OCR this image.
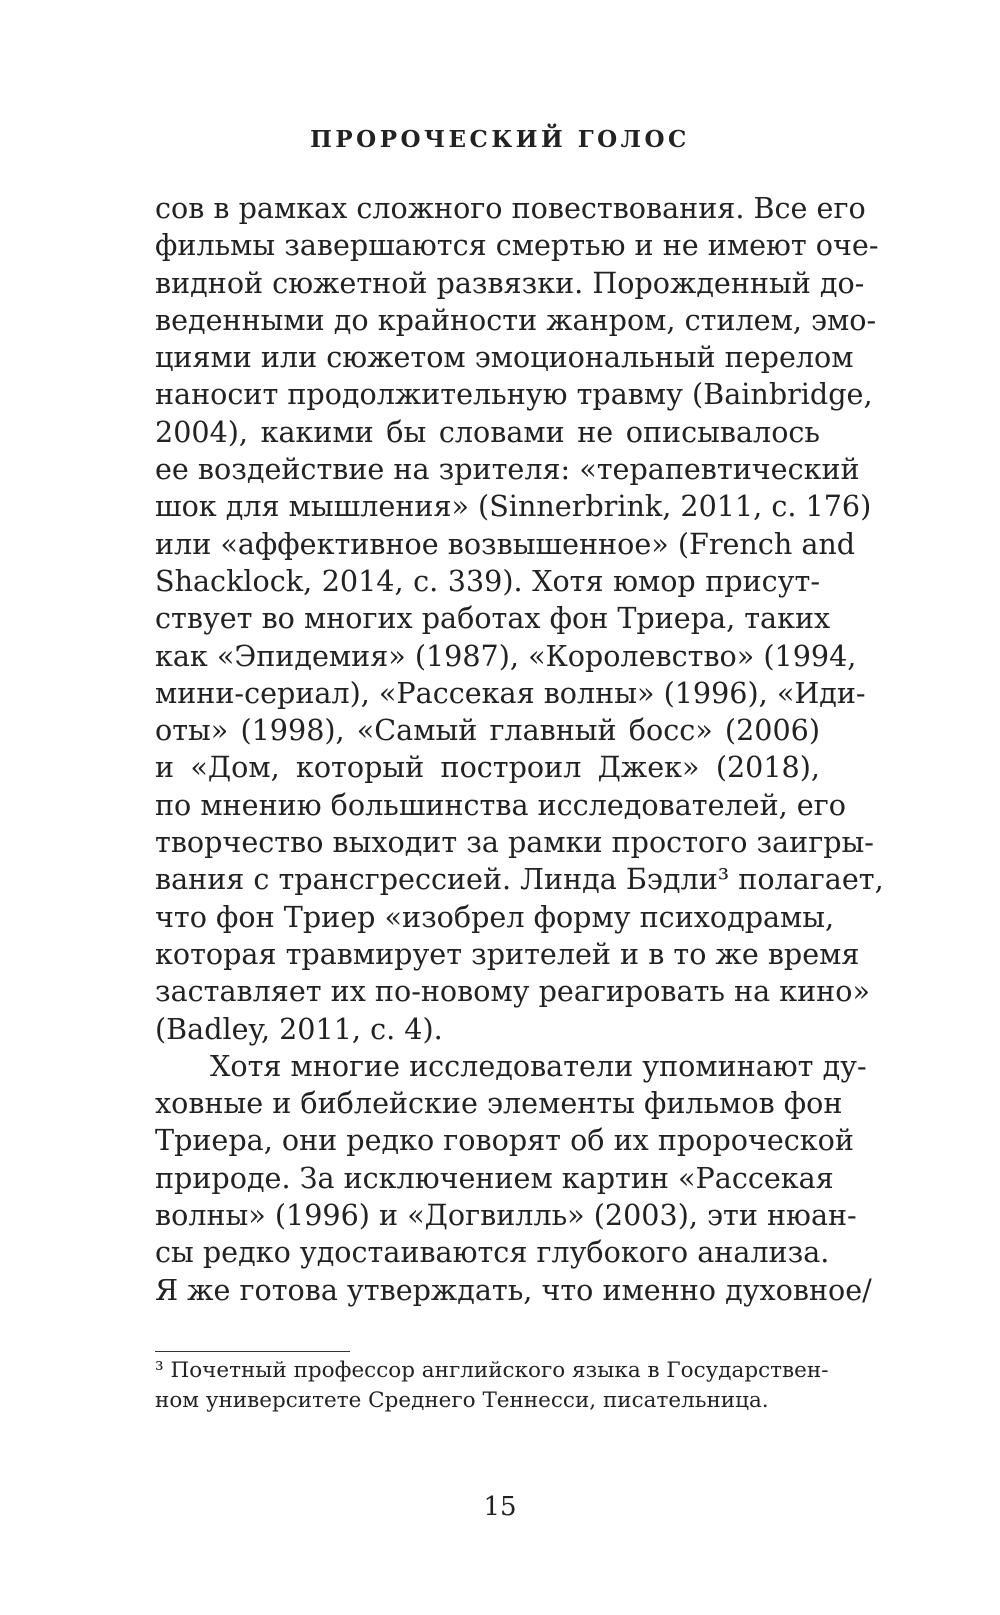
ПРОРОЧЕСКИЙ ГОЛОС
сов в рамках сложного повествования. Все его
фильмы завершаются смертью и не имеют оче-
видной сюжетной развязки. Порожденный до-
веденными до крайности жанром, стилем, эмо-
циями или сюжетом эмоциональный перелом
наносит продолжительную травму (Bainbridge,
2004), какими бы словами не описывалось
ее воздействие на зрителя: «терапевтический
шок для мышления» (Sinnerbrink, 2011, с. 176)
или «аффективное возвышенное» (French and
Shacklock, 2014, с. 339). Хотя юмор присут-
ствует во многих работах фон Триера, таких
как «Эпидемия» (1987), «Королевство» (1994,
мини-сериал), «Рассекая волны» (1996), «Иди-
оты» (1998), «Самый главный босс» (2006)
и «Дом, который построил Джек» (2018),
по мнению большинства исследователей, его
творчество выходит за рамки простого заигры-
вания с трансгрессией. Линда Бэдли³ полагает,
что фон Триер «изобрел форму психодрамы,
которая травмирует зрителей и в то же время
заставляет их по-новому реагировать на кино»
(Badley, 2011, с. 4).
Хотя многие исследователи упоминают ду-
ховные и библейские элементы фильмов фон
Триера, они редко говорят об их пророческой
природе. За исключением картин «Рассекая
волны» (1996) и «Догвилль» (2003), эти нюан-
сы редко удостаиваются глубокого анализа.
Я же готова утверждать, что именно духовное/
³ Почетный профессор английского языка в Государствен-
ном университете Среднего Теннесси, писательница.
15
